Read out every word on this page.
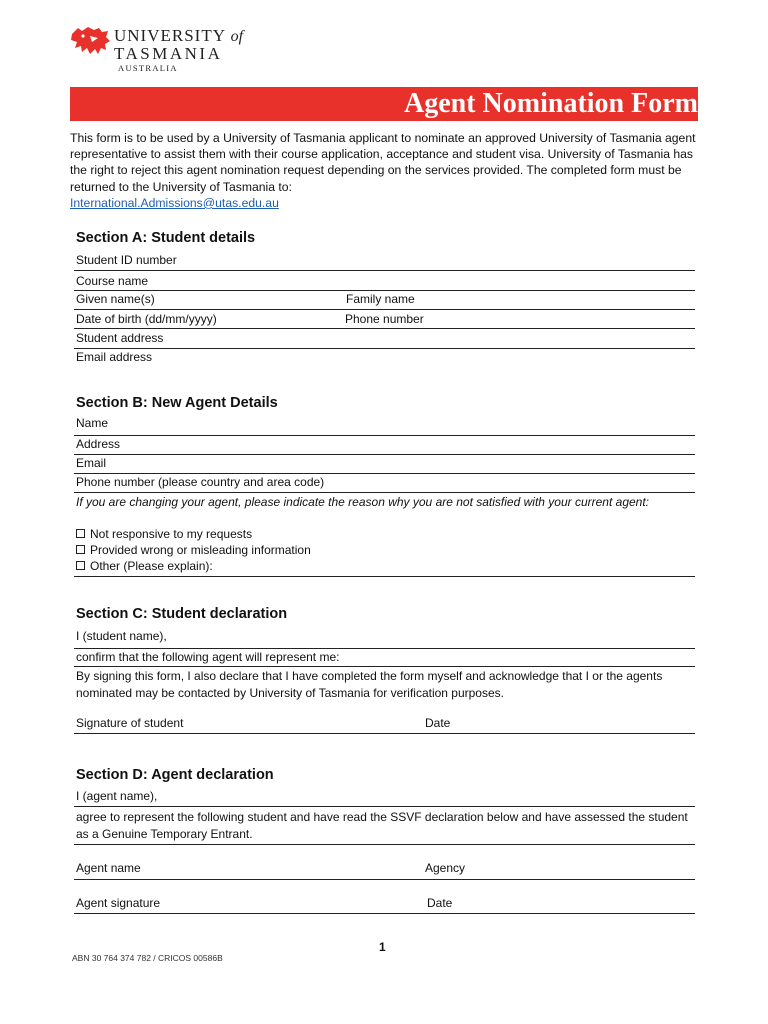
UNIVERSITY of
TASMANIA
AUSTRALIA
Agent Nomination Form
This form is to be used by a University of Tasmania applicant to nominate an approved University of Tasmania agent representative to assist them with their course application, acceptance and student visa. University of Tasmania has the right to reject this agent nomination request depending on the services provided. The completed form must be returned to the University of Tasmania to:
International.Admissions@utas.edu.au
Section A: Student details
Student ID number
Course name
Given name(s)	Family name
Date of birth (dd/mm/yyyy)	Phone number
Student address
Email address
Section B: New Agent Details
Name
Address
Email
Phone number (please country and area code)
If you are changing your agent, please indicate the reason why you are not satisfied with your current agent:
Not responsive to my requests
Provided wrong or misleading information
Other (Please explain):
Section C: Student declaration
I (student name),
confirm that the following agent will represent me:
By signing this form, I also declare that I have completed the form myself and acknowledge that I or the agents nominated may be contacted by University of Tasmania for verification purposes.
Signature of student	Date
Section D: Agent declaration
I (agent name),
agree to represent the following student and have read the SSVF declaration below and have assessed the student as a Genuine Temporary Entrant.
Agent name	Agency
Agent signature	Date
1
ABN 30 764 374 782 / CRICOS 00586B
